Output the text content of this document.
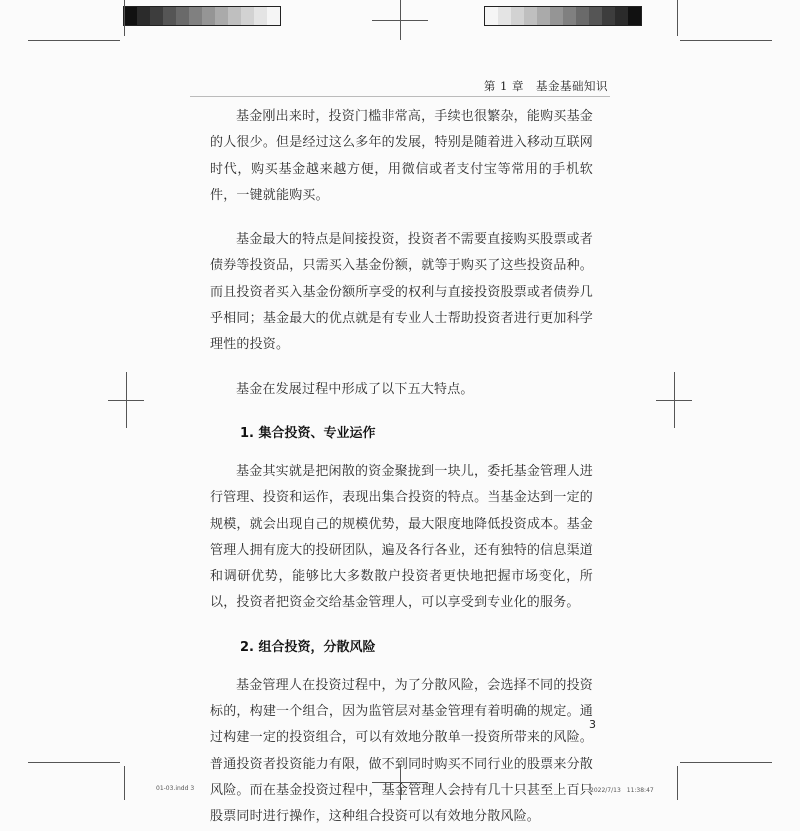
第 1 章　基金基础知识

基金刚出来时，投资门槛非常高，手续也很繁杂，能购买基金的人很少。但是经过这么多年的发展，特别是随着进入移动互联网时代，购买基金越来越方便，用微信或者支付宝等常用的手机软件，一键就能购买。

基金最大的特点是间接投资，投资者不需要直接购买股票或者债券等投资品，只需买入基金份额，就等于购买了这些投资品种。而且投资者买入基金份额所享受的权利与直接投资股票或者债券几乎相同；基金最大的优点就是有专业人士帮助投资者进行更加科学理性的投资。

基金在发展过程中形成了以下五大特点。

1. 集合投资、专业运作

基金其实就是把闲散的资金聚拢到一块儿，委托基金管理人进行管理、投资和运作，表现出集合投资的特点。当基金达到一定的规模，就会出现自己的规模优势，最大限度地降低投资成本。基金管理人拥有庞大的投研团队，遍及各行各业，还有独特的信息渠道和调研优势，能够比大多数散户投资者更快地把握市场变化，所以，投资者把资金交给基金管理人，可以享受到专业化的服务。

2. 组合投资，分散风险

基金管理人在投资过程中，为了分散风险，会选择不同的投资标的，构建一个组合，因为监管层对基金管理有着明确的规定。通过构建一定的投资组合，可以有效地分散单一投资所带来的风险。普通投资者投资能力有限，做不到同时购买不同行业的股票来分散风险。而在基金投资过程中，基金管理人会持有几十只甚至上百只股票同时进行操作，这种组合投资可以有效地分散风险。

3
01-03.indd 3	2022/7/13　11:38:47
